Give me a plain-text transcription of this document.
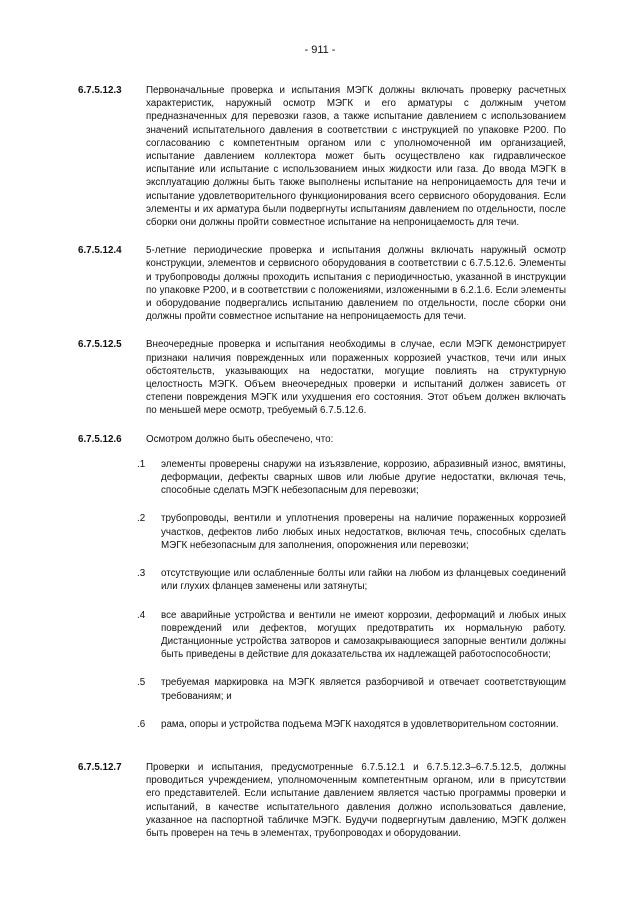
- 911 -
6.7.5.12.3	Первоначальные проверка и испытания МЭГК должны включать проверку расчетных характеристик, наружный осмотр МЭГК и его арматуры с должным учетом предназначенных для перевозки газов, а также испытание давлением с использованием значений испытательного давления в соответствии с инструкцией по упаковке Р200. По согласованию с компетентным органом или с уполномоченной им организацией, испытание давлением коллектора может быть осуществлено как гидравлическое испытание или испытание с использованием иных жидкости или газа. До ввода МЭГК в эксплуатацию должны быть также выполнены испытание на непроницаемость для течи и испытание удовлетворительного функционирования всего сервисного оборудования. Если элементы и их арматура были подвергнуты испытаниям давлением по отдельности, после сборки они должны пройти совместное испытание на непроницаемость для течи.
6.7.5.12.4	5-летние периодические проверка и испытания должны включать наружный осмотр конструкции, элементов и сервисного оборудования в соответствии с 6.7.5.12.6. Элементы и трубопроводы должны проходить испытания с периодичностью, указанной в инструкции по упаковке Р200, и в соответствии с положениями, изложенными в 6.2.1.6. Если элементы и оборудование подвергались испытанию давлением по отдельности, после сборки они должны пройти совместное испытание на непроницаемость для течи.
6.7.5.12.5	Внеочередные проверка и испытания необходимы в случае, если МЭГК демонстрирует признаки наличия поврежденных или пораженных коррозией участков, течи или иных обстоятельств, указывающих на недостатки, могущие повлиять на структурную целостность МЭГК. Объем внеочередных проверки и испытаний должен зависеть от степени повреждения МЭГК или ухудшения его состояния. Этот объем должен включать по меньшей мере осмотр, требуемый 6.7.5.12.6.
6.7.5.12.6	Осмотром должно быть обеспечено, что:
.1	элементы проверены снаружи на изъязвление, коррозию, абразивный износ, вмятины, деформации, дефекты сварных швов или любые другие недостатки, включая течь, способные сделать МЭГК небезопасным для перевозки;
.2	трубопроводы, вентили и уплотнения проверены на наличие пораженных коррозией участков, дефектов либо любых иных недостатков, включая течь, способных сделать МЭГК небезопасным для заполнения, опорожнения или перевозки;
.3	отсутствующие или ослабленные болты или гайки на любом из фланцевых соединений или глухих фланцев заменены или затянуты;
.4	все аварийные устройства и вентили не имеют коррозии, деформаций и любых иных повреждений или дефектов, могущих предотвратить их нормальную работу. Дистанционные устройства затворов и самозакрывающиеся запорные вентили должны быть приведены в действие для доказательства их надлежащей работоспособности;
.5	требуемая маркировка на МЭГК является разборчивой и отвечает соответствующим требованиям; и
.6	рама, опоры и устройства подъема МЭГК находятся в удовлетворительном состоянии.
6.7.5.12.7	Проверки и испытания, предусмотренные 6.7.5.12.1 и 6.7.5.12.3–6.7.5.12.5, должны проводиться учреждением, уполномоченным компетентным органом, или в присутствии его представителей. Если испытание давлением является частью программы проверки и испытаний, в качестве испытательного давления должно использоваться давление, указанное на паспортной табличке МЭГК. Будучи подвергнутым давлению, МЭГК должен быть проверен на течь в элементах, трубопроводах и оборудовании.
